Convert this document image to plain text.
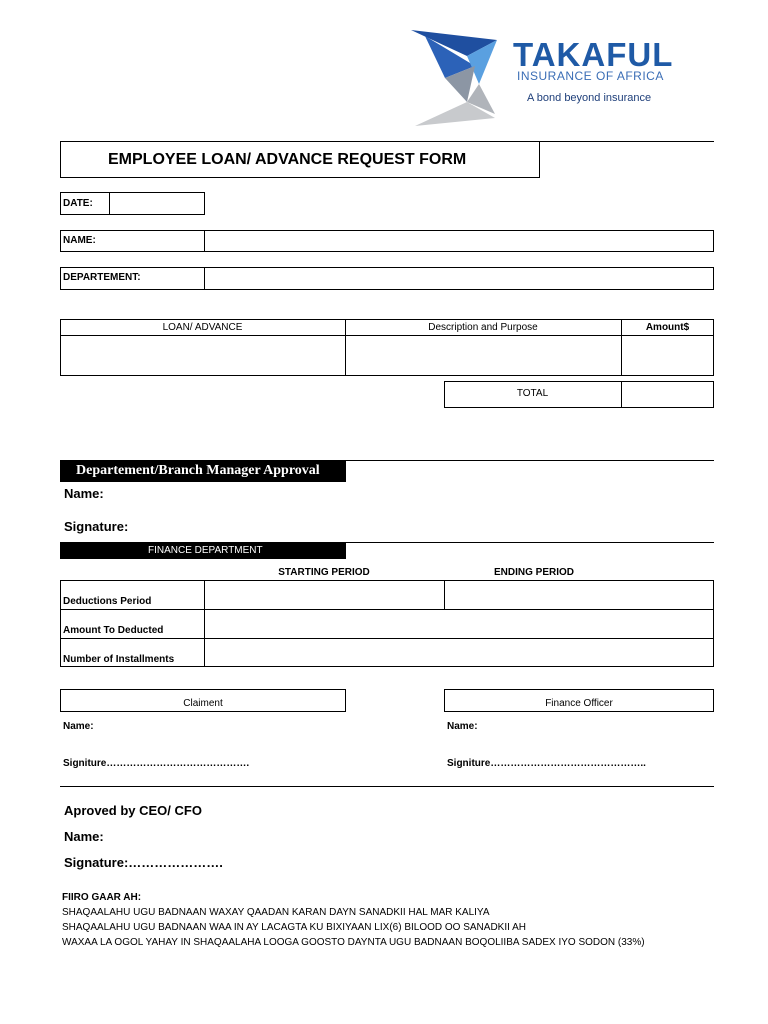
TAKAFUL
INSURANCE OF AFRICA
A bond beyond insurance
EMPLOYEE LOAN/ ADVANCE REQUEST FORM
DATE:
NAME:
DEPARTEMENT:
LOAN/ ADVANCE	Description and Purpose	Amount$
TOTAL
Departement/Branch Manager Approval
Name:
Signature:
FINANCE DEPARTMENT
STARTING PERIOD	ENDING PERIOD
Deductions Period
Amount To Deducted
Number of Installments
Claiment	Finance Officer
Name:	Name:
Signiture…………………………………….	Signiture………………………………………..
Aproved by CEO/ CFO
Name:
Signature:………………….
FIIRO GAAR AH:
SHAQAALAHU UGU BADNAAN WAXAY QAADAN KARAN DAYN SANADKII HAL MAR KALIYA
SHAQAALAHU UGU BADNAAN WAA IN AY LACAGTA KU BIXIYAAN LIX(6) BILOOD OO SANADKII AH
WAXAA LA OGOL YAHAY IN SHAQAALAHA LOOGA GOOSTO DAYNTA UGU BADNAAN BOQOLIIBA SADEX IYO SODON (33%)
